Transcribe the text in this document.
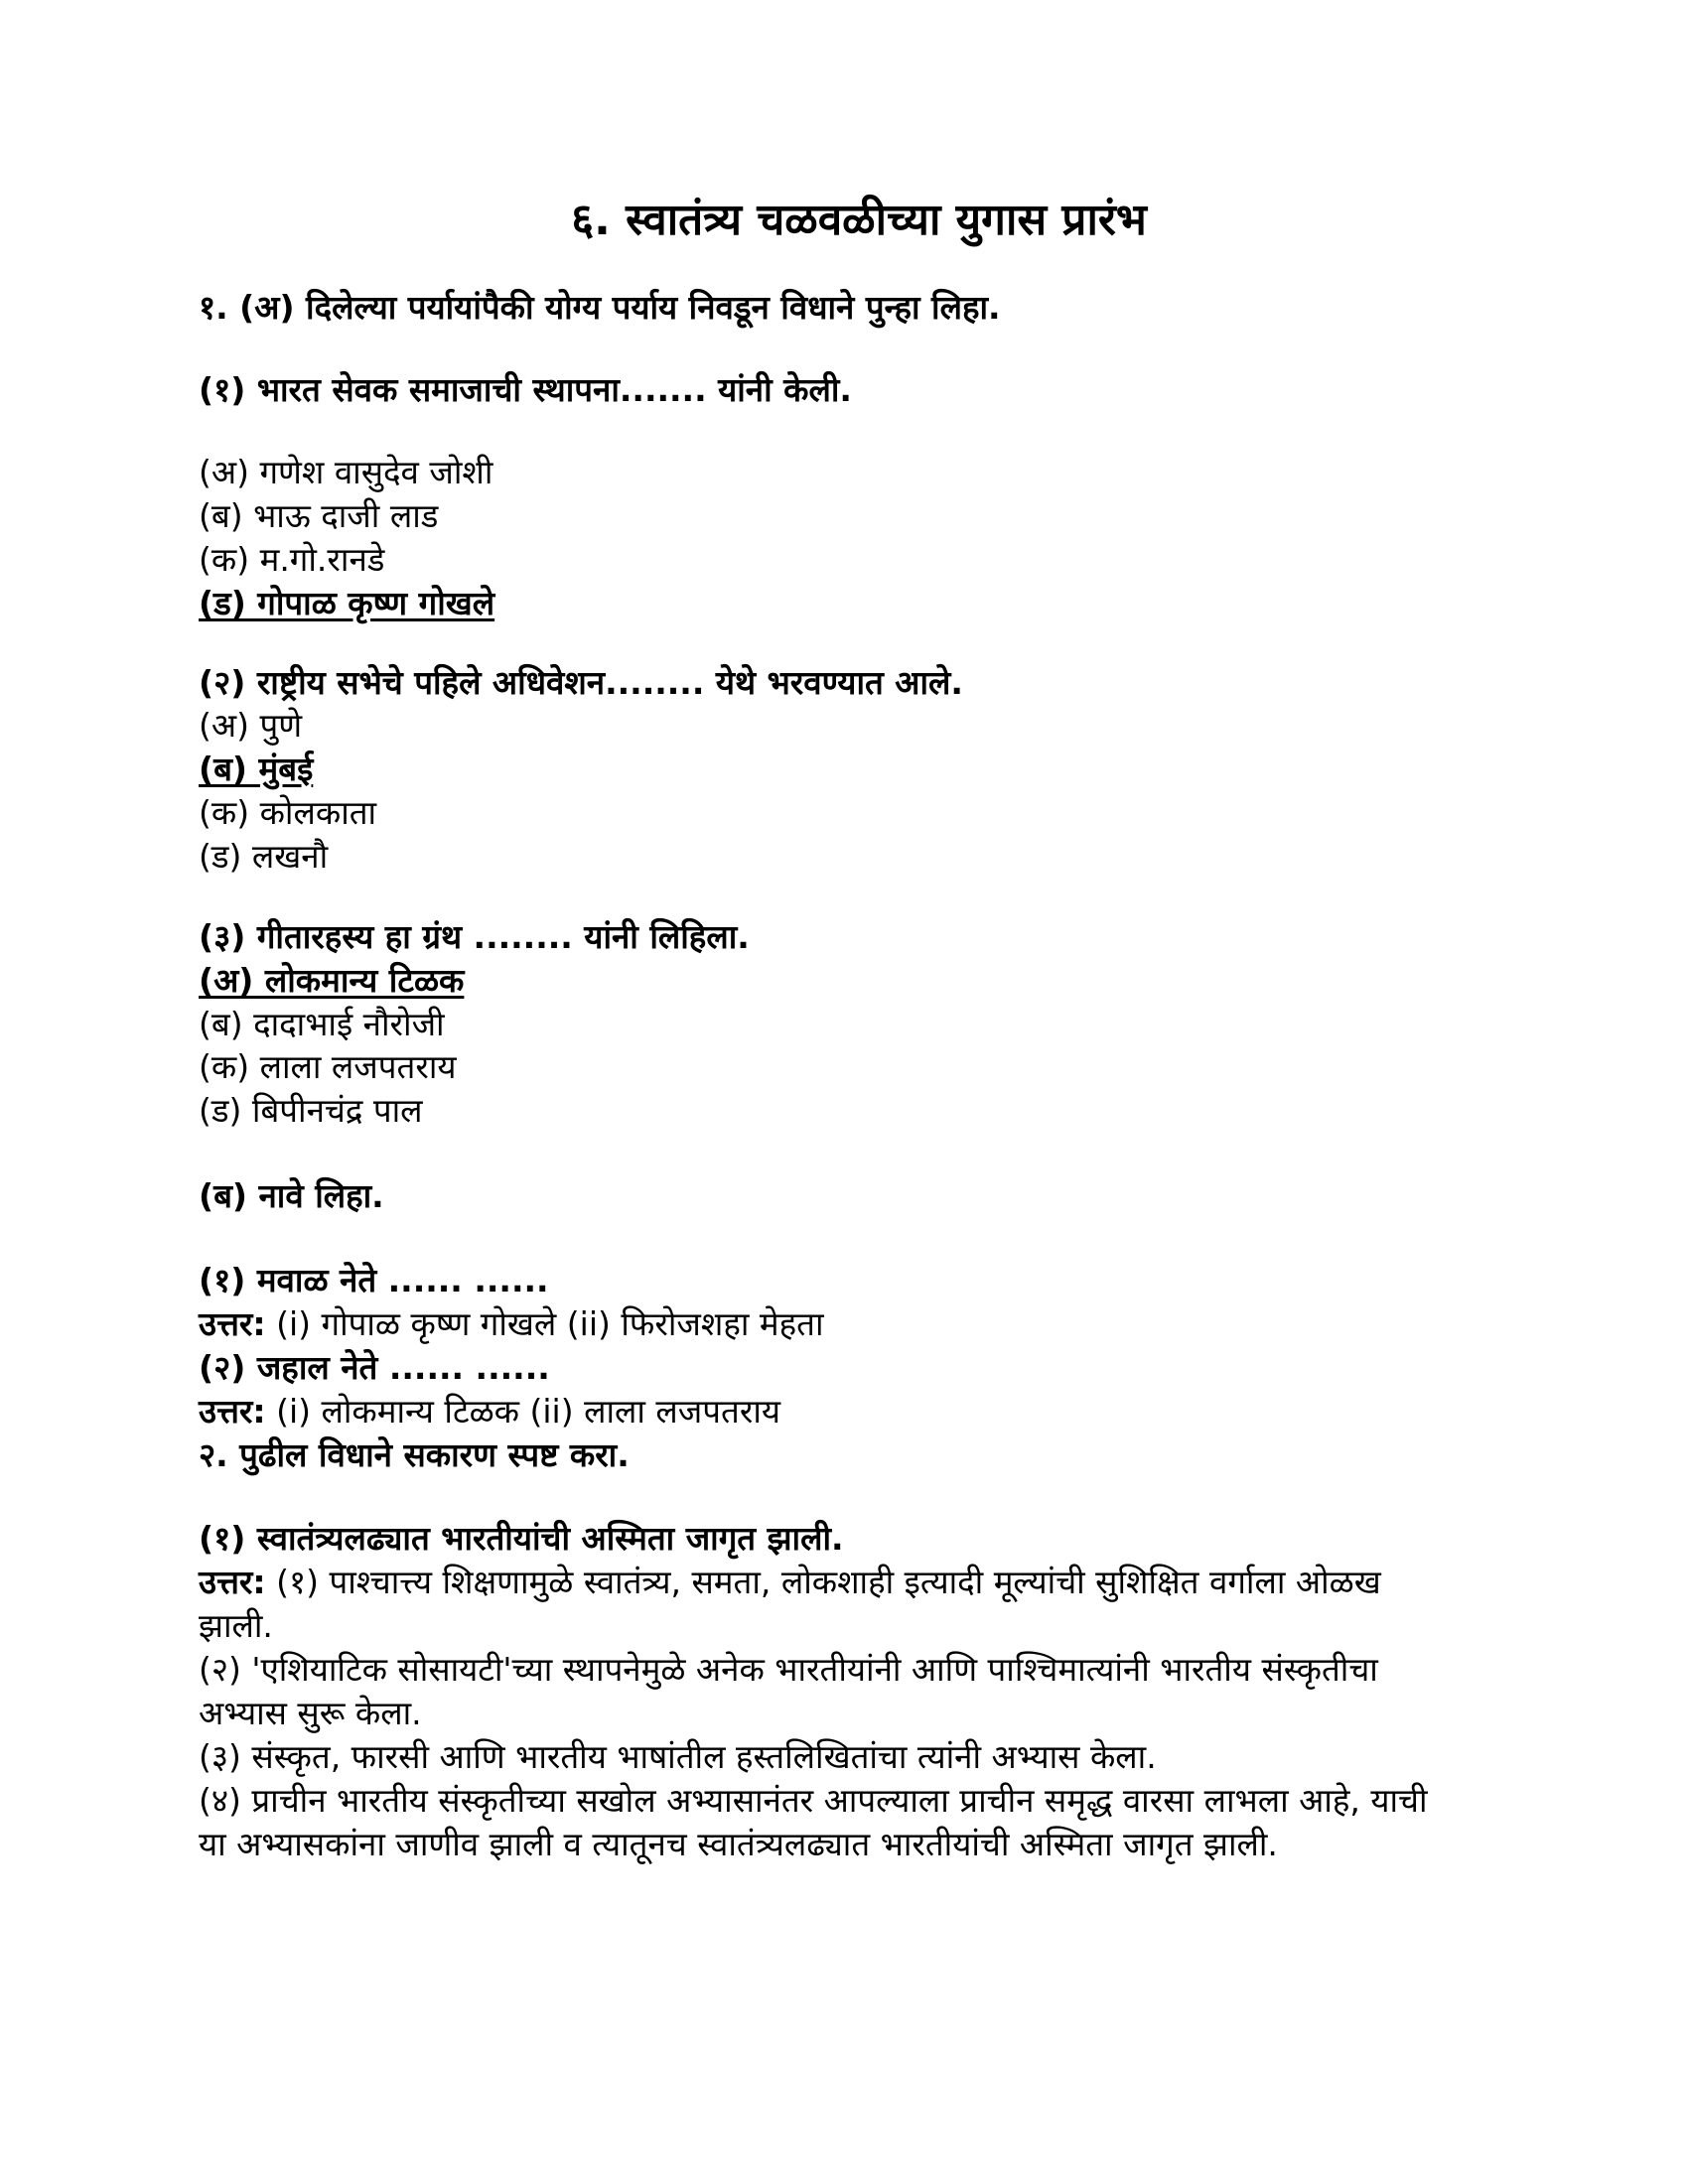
६. स्वातंत्र्य चळवळीच्या युगास प्रारंभ
१. (अ) दिलेल्या पर्यायांपैकी योग्य पर्याय निवडून विधाने पुन्हा लिहा.
(१) भारत सेवक समाजाची स्थापना....... यांनी केली.
(अ) गणेश वासुदेव जोशी
(ब) भाऊ दाजी लाड
(क) म.गो.रानडे
(ड) गोपाळ कृष्ण गोखले
(२) राष्ट्रीय सभेचे पहिले अधिवेशन........ येथे भरवण्यात आले.
(अ) पुणे
(ब) मुंबई
(क) कोलकाता
(ड) लखनौ
(३) गीतारहस्य हा ग्रंथ ........ यांनी लिहिला.
(अ) लोकमान्य टिळक
(ब) दादाभाई नौरोजी
(क) लाला लजपतराय
(ड) बिपीनचंद्र पाल
(ब) नावे लिहा.
(१) मवाळ नेते ...... ......
उत्तर: (i) गोपाळ कृष्ण गोखले (ii) फिरोजशहा मेहता
(२) जहाल नेते ...... ......
उत्तर: (i) लोकमान्य टिळक (ii) लाला लजपतराय
२. पुढील विधाने सकारण स्पष्ट करा.
(१) स्वातंत्र्यलढ्यात भारतीयांची अस्मिता जागृत झाली.
उत्तर: (१) पाश्चात्त्य शिक्षणामुळे स्वातंत्र्य, समता, लोकशाही इत्यादी मूल्यांची सुशिक्षित वर्गाला ओळख
झाली.
(२) 'एशियाटिक सोसायटी'च्या स्थापनेमुळे अनेक भारतीयांनी आणि पाश्चिमात्यांनी भारतीय संस्कृतीचा
अभ्यास सुरू केला.
(३) संस्कृत, फारसी आणि भारतीय भाषांतील हस्तलिखितांचा त्यांनी अभ्यास केला.
(४) प्राचीन भारतीय संस्कृतीच्या सखोल अभ्यासानंतर आपल्याला प्राचीन समृद्ध वारसा लाभला आहे, याची
या अभ्यासकांना जाणीव झाली व त्यातूनच स्वातंत्र्यलढ्यात भारतीयांची अस्मिता जागृत झाली.
